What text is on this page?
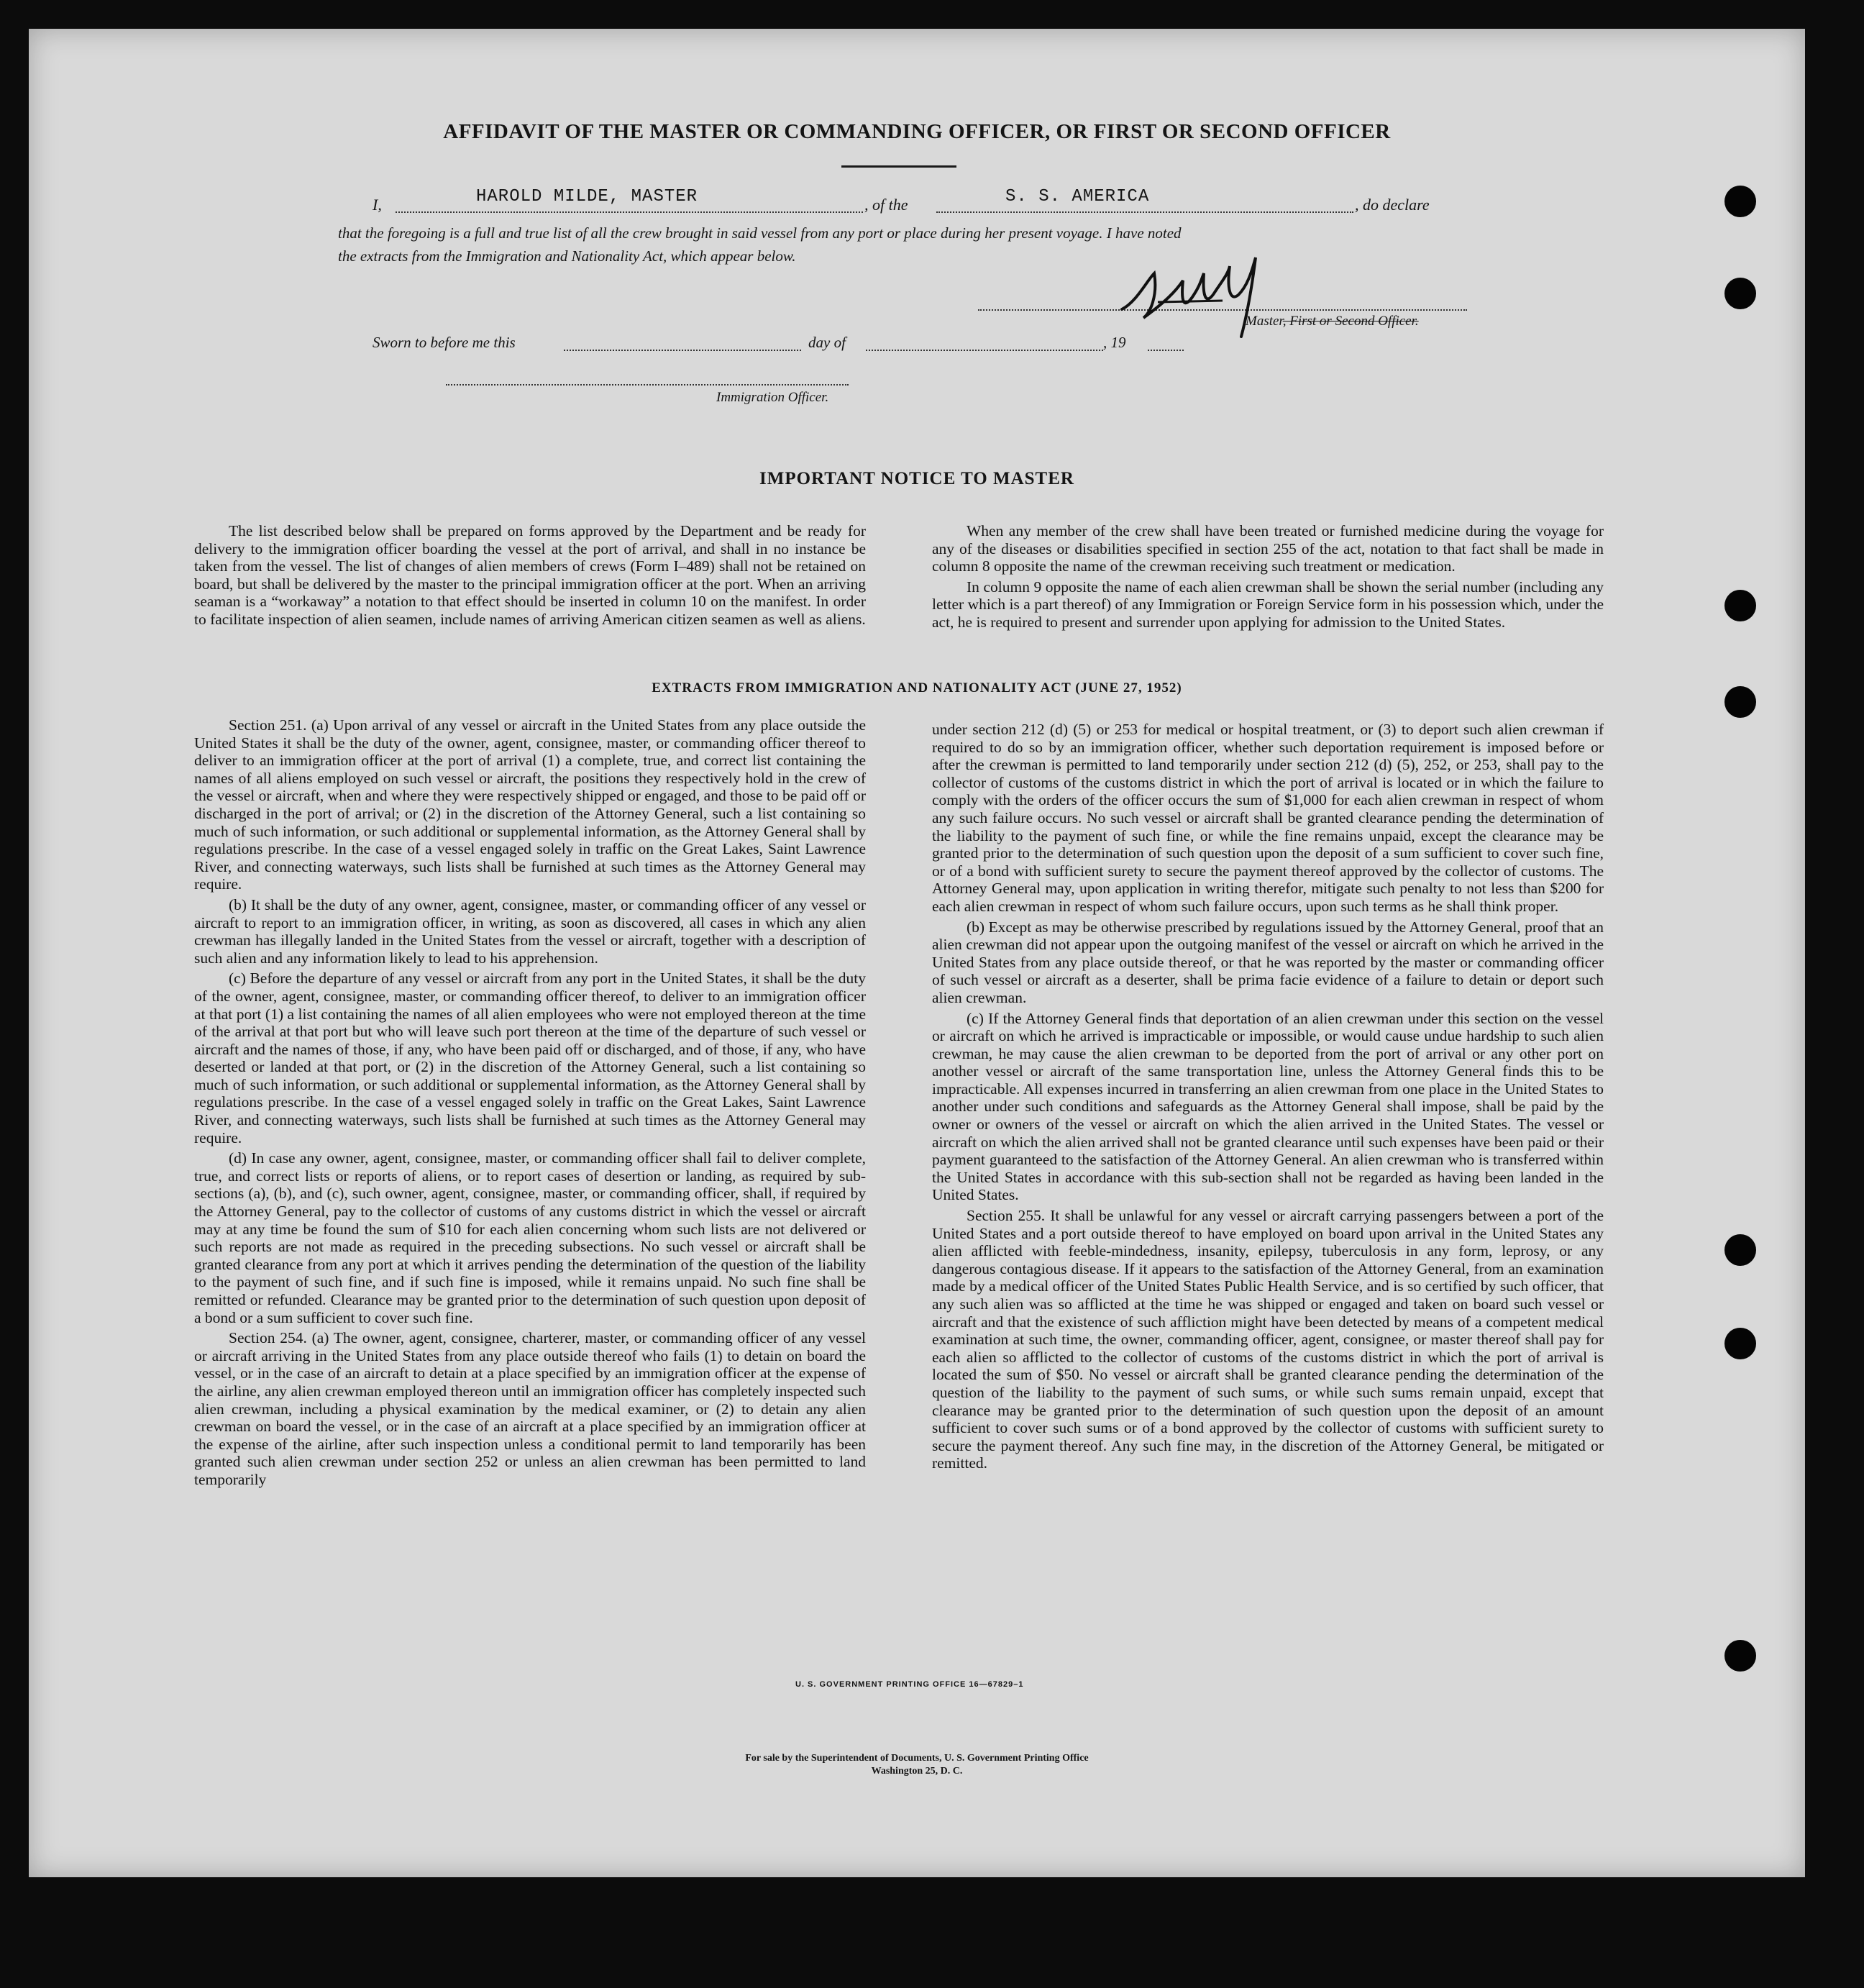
AFFIDAVIT OF THE MASTER OR COMMANDING OFFICER, OR FIRST OR SECOND OFFICER
I,	HAROLD MILDE, MASTER	, of the	S. S. AMERICA	, do declare
that the foregoing is a full and true list of all the crew brought in said vessel from any port or place during her present voyage. I have noted
the extracts from the Immigration and Nationality Act, which appear below.
Master, First or Second Officer.
Sworn to before me this	day of	, 19
Immigration Officer.
IMPORTANT NOTICE TO MASTER

The list described below shall be prepared on forms approved by the Department and be ready for delivery to the immigration officer boarding the vessel at the port of arrival, and shall in no instance be taken from the vessel. The list of changes of alien members of crews (Form I–489) shall not be retained on board, but shall be delivered by the master to the principal immigration officer at the port. When an arriving seaman is a “workaway” a notation to that effect should be inserted in column 10 on the manifest. In order to facilitate inspection of alien seamen, include names of arriving American citizen seamen as well as aliens.

When any member of the crew shall have been treated or furnished medicine during the voyage for any of the diseases or disabilities specified in section 255 of the act, notation to that fact shall be made in column 8 opposite the name of the crewman receiving such treatment or medication.

In column 9 opposite the name of each alien crewman shall be shown the serial number (including any letter which is a part thereof) of any Immigration or Foreign Service form in his possession which, under the act, he is required to present and surrender upon applying for admission to the United States.

EXTRACTS FROM IMMIGRATION AND NATIONALITY ACT (JUNE 27, 1952)

Section 251. (a) Upon arrival of any vessel or aircraft in the United States from any place outside the United States it shall be the duty of the owner, agent, consignee, master, or commanding officer thereof to deliver to an immigration officer at the port of arrival (1) a complete, true, and correct list containing the names of all aliens employed on such vessel or aircraft, the positions they respectively hold in the crew of the vessel or aircraft, when and where they were respectively shipped or engaged, and those to be paid off or discharged in the port of arrival; or (2) in the discretion of the Attorney General, such a list containing so much of such information, or such additional or supplemental information, as the Attorney General shall by regulations prescribe. In the case of a vessel engaged solely in traffic on the Great Lakes, Saint Lawrence River, and connecting waterways, such lists shall be furnished at such times as the Attorney General may require.

(b) It shall be the duty of any owner, agent, consignee, master, or commanding officer of any vessel or aircraft to report to an immigration officer, in writing, as soon as discovered, all cases in which any alien crewman has illegally landed in the United States from the vessel or aircraft, together with a description of such alien and any information likely to lead to his apprehension.

(c) Before the departure of any vessel or aircraft from any port in the United States, it shall be the duty of the owner, agent, consignee, master, or commanding officer thereof, to deliver to an immigration officer at that port (1) a list containing the names of all alien employees who were not employed thereon at the time of the arrival at that port but who will leave such port thereon at the time of the departure of such vessel or aircraft and the names of those, if any, who have been paid off or discharged, and of those, if any, who have deserted or landed at that port, or (2) in the discretion of the Attorney General, such a list containing so much of such information, or such additional or supplemental information, as the Attorney General shall by regulations prescribe. In the case of a vessel engaged solely in traffic on the Great Lakes, Saint Lawrence River, and connecting waterways, such lists shall be furnished at such times as the Attorney General may require.

(d) In case any owner, agent, consignee, master, or commanding officer shall fail to deliver complete, true, and correct lists or reports of aliens, or to report cases of desertion or landing, as required by sub-sections (a), (b), and (c), such owner, agent, consignee, master, or commanding officer, shall, if required by the Attorney General, pay to the collector of customs of any customs district in which the vessel or aircraft may at any time be found the sum of $10 for each alien concerning whom such lists are not delivered or such reports are not made as required in the preceding subsections. No such vessel or aircraft shall be granted clearance from any port at which it arrives pending the determination of the question of the liability to the payment of such fine, and if such fine is imposed, while it remains unpaid. No such fine shall be remitted or refunded. Clearance may be granted prior to the determination of such question upon deposit of a bond or a sum sufficient to cover such fine.

Section 254. (a) The owner, agent, consignee, charterer, master, or commanding officer of any vessel or aircraft arriving in the United States from any place outside thereof who fails (1) to detain on board the vessel, or in the case of an aircraft to detain at a place specified by an immigration officer at the expense of the airline, any alien crewman employed thereon until an immigration officer has completely inspected such alien crewman, including a physical examination by the medical examiner, or (2) to detain any alien crewman on board the vessel, or in the case of an aircraft at a place specified by an immigration officer at the expense of the airline, after such inspection unless a conditional permit to land temporarily has been granted such alien crewman under section 252 or unless an alien crewman has been permitted to land temporarily

under section 212 (d) (5) or 253 for medical or hospital treatment, or (3) to deport such alien crewman if required to do so by an immigration officer, whether such deportation requirement is imposed before or after the crewman is permitted to land temporarily under section 212 (d) (5), 252, or 253, shall pay to the collector of customs of the customs district in which the port of arrival is located or in which the failure to comply with the orders of the officer occurs the sum of $1,000 for each alien crewman in respect of whom any such failure occurs. No such vessel or aircraft shall be granted clearance pending the determination of the liability to the payment of such fine, or while the fine remains unpaid, except the clearance may be granted prior to the determination of such question upon the deposit of a sum sufficient to cover such fine, or of a bond with sufficient surety to secure the payment thereof approved by the collector of customs. The Attorney General may, upon application in writing therefor, mitigate such penalty to not less than $200 for each alien crewman in respect of whom such failure occurs, upon such terms as he shall think proper.

(b) Except as may be otherwise prescribed by regulations issued by the Attorney General, proof that an alien crewman did not appear upon the outgoing manifest of the vessel or aircraft on which he arrived in the United States from any place outside thereof, or that he was reported by the master or commanding officer of such vessel or aircraft as a deserter, shall be prima facie evidence of a failure to detain or deport such alien crewman.

(c) If the Attorney General finds that deportation of an alien crewman under this section on the vessel or aircraft on which he arrived is impracticable or impossible, or would cause undue hardship to such alien crewman, he may cause the alien crewman to be deported from the port of arrival or any other port on another vessel or aircraft of the same transportation line, unless the Attorney General finds this to be impracticable. All expenses incurred in transferring an alien crewman from one place in the United States to another under such conditions and safeguards as the Attorney General shall impose, shall be paid by the owner or owners of the vessel or aircraft on which the alien arrived in the United States. The vessel or aircraft on which the alien arrived shall not be granted clearance until such expenses have been paid or their payment guaranteed to the satisfaction of the Attorney General. An alien crewman who is transferred within the United States in accordance with this sub-section shall not be regarded as having been landed in the United States.

Section 255. It shall be unlawful for any vessel or aircraft carrying passengers between a port of the United States and a port outside thereof to have employed on board upon arrival in the United States any alien afflicted with feeble-mindedness, insanity, epilepsy, tuberculosis in any form, leprosy, or any dangerous contagious disease. If it appears to the satisfaction of the Attorney General, from an examination made by a medical officer of the United States Public Health Service, and is so certified by such officer, that any such alien was so afflicted at the time he was shipped or engaged and taken on board such vessel or aircraft and that the existence of such affliction might have been detected by means of a competent medical examination at such time, the owner, commanding officer, agent, consignee, or master thereof shall pay for each alien so afflicted to the collector of customs of the customs district in which the port of arrival is located the sum of $50. No vessel or aircraft shall be granted clearance pending the determination of the question of the liability to the payment of such sums, or while such sums remain unpaid, except that clearance may be granted prior to the determination of such question upon the deposit of an amount sufficient to cover such sums or of a bond approved by the collector of customs with sufficient surety to secure the payment thereof. Any such fine may, in the discretion of the Attorney General, be mitigated or remitted.

U. S. GOVERNMENT PRINTING OFFICE 16—67829–1
For sale by the Superintendent of Documents, U. S. Government Printing Office
Washington 25, D. C.
